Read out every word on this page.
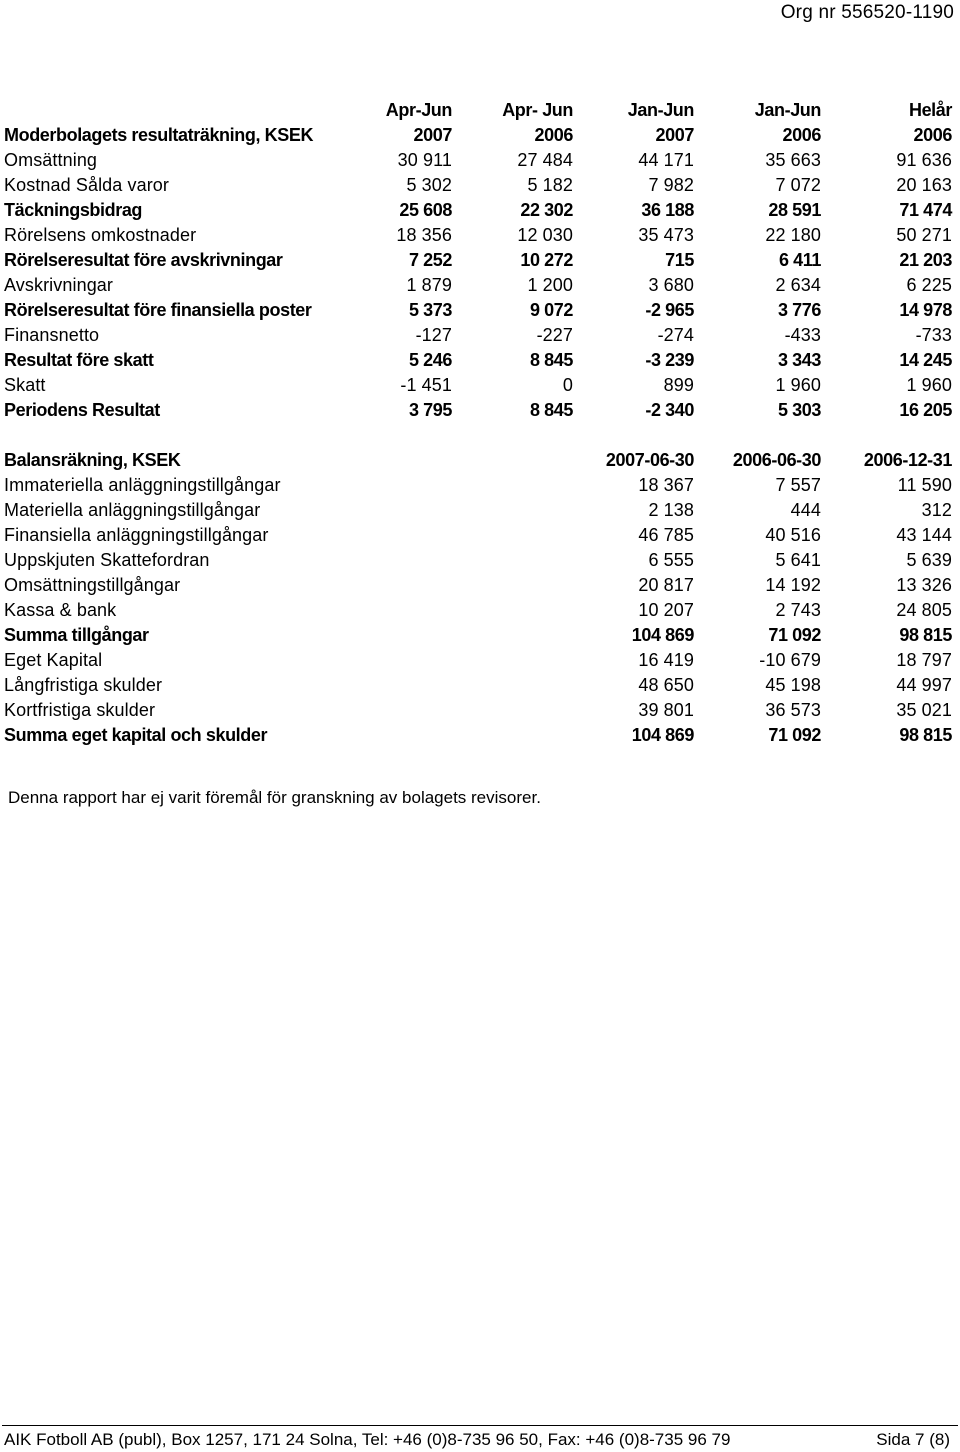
Org nr 556520-1190
	Apr-Jun	Apr- Jun	Jan-Jun	Jan-Jun	Helår
Moderbolagets resultaträkning, KSEK	2007	2006	2007	2006	2006
Omsättning	30 911	27 484	44 171	35 663	91 636
Kostnad Sålda varor	5 302	5 182	7 982	7 072	20 163
Täckningsbidrag	25 608	22 302	36 188	28 591	71 474
Rörelsens omkostnader	18 356	12 030	35 473	22 180	50 271
Rörelseresultat före avskrivningar	7 252	10 272	715	6 411	21 203
Avskrivningar	1 879	1 200	3 680	2 634	6 225
Rörelseresultat före finansiella poster	5 373	9 072	-2 965	3 776	14 978
Finansnetto	-127	-227	-274	-433	-733
Resultat före skatt	5 246	8 845	-3 239	3 343	14 245
Skatt	-1 451	0	899	1 960	1 960
Periodens Resultat	3 795	8 845	-2 340	5 303	16 205
Balansräkning, KSEK	2007-06-30	2006-06-30	2006-12-31
Immateriella anläggningstillgångar	18 367	7 557	11 590
Materiella anläggningstillgångar	2 138	444	312
Finansiella anläggningstillgångar	46 785	40 516	43 144
Uppskjuten Skattefordran	6 555	5 641	5 639
Omsättningstillgångar	20 817	14 192	13 326
Kassa & bank	10 207	2 743	24 805
Summa tillgångar	104 869	71 092	98 815
Eget Kapital	16 419	-10 679	18 797
Långfristiga skulder	48 650	45 198	44 997
Kortfristiga skulder	39 801	36 573	35 021
Summa eget kapital och skulder	104 869	71 092	98 815
Denna rapport har ej varit föremål för granskning av bolagets revisorer.
AIK Fotboll AB (publ), Box 1257, 171 24 Solna, Tel: +46 (0)8-735 96 50, Fax: +46 (0)8-735 96 79	Sida 7 (8)
